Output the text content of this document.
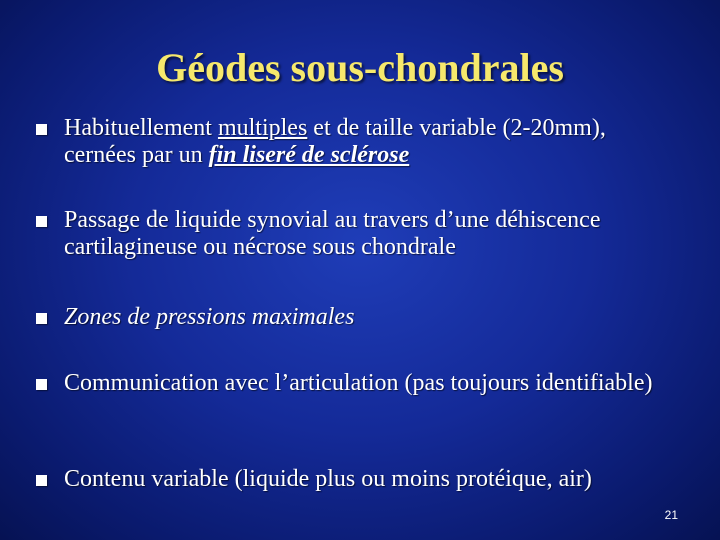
Géodes sous-chondrales
Habituellement multiples et de taille variable (2-20mm), cernées par un fin liseré de sclérose
Passage de liquide synovial au travers d’une déhiscence cartilagineuse ou nécrose sous chondrale
Zones de pressions maximales
Communication avec l’articulation (pas toujours identifiable)
Contenu variable (liquide plus ou moins protéique, air)
21
